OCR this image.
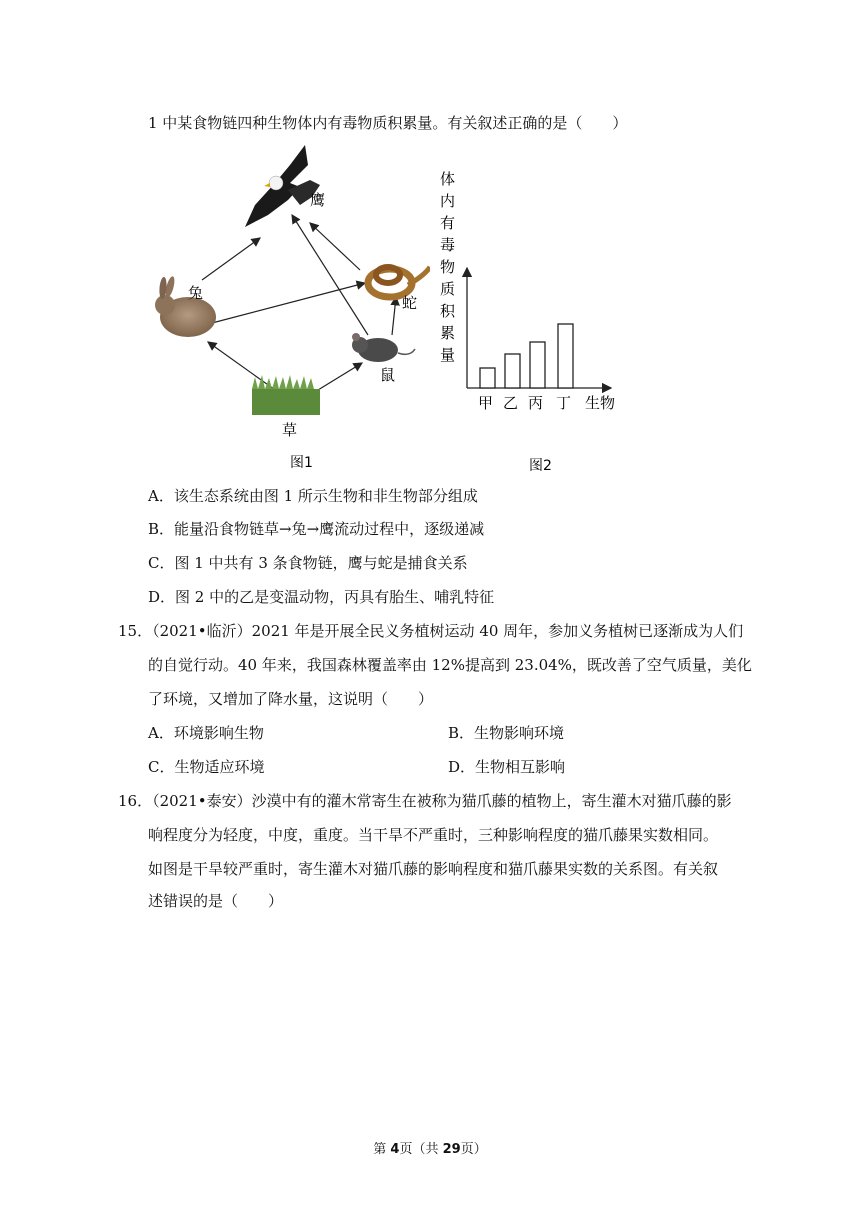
1 中某食物链四种生物体内有毒物质积累量。有关叙述正确的是（　　）
鹰
兔
蛇
鼠
草
图1
体
内
有
毒
物
质
积
累
量
甲 乙 丙 丁 生物
图2
A．该生态系统由图 1 所示生物和非生物部分组成
B．能量沿食物链草→兔→鹰流动过程中，逐级递减
C．图 1 中共有 3 条食物链，鹰与蛇是捕食关系
D．图 2 中的乙是变温动物，丙具有胎生、哺乳特征
15．（2021•临沂）2021 年是开展全民义务植树运动 40 周年，参加义务植树已逐渐成为人们
的自觉行动。40 年来，我国森林覆盖率由 12%提高到 23.04%，既改善了空气质量，美化
了环境，又增加了降水量，这说明（　　）
A．环境影响生物	B．生物影响环境
C．生物适应环境	D．生物相互影响
16．（2021•泰安）沙漠中有的灌木常寄生在被称为猫爪藤的植物上，寄生灌木对猫爪藤的影
响程度分为轻度，中度，重度。当干旱不严重时，三种影响程度的猫爪藤果实数相同。
如图是干旱较严重时，寄生灌木对猫爪藤的影响程度和猫爪藤果实数的关系图。有关叙
述错误的是（　　）
第 4页（共 29页）
